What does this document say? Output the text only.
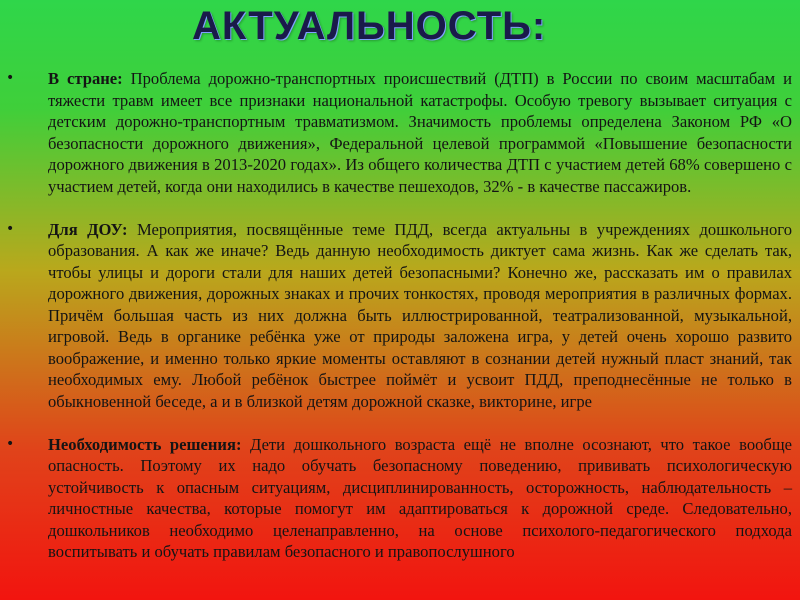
АКТУАЛЬНОСТЬ:
• В стране: Проблема дорожно-транспортных происшествий (ДТП) в России по своим масштабам и тяжести травм имеет все признаки национальной катастрофы. Особую тревогу вызывает ситуация с детским дорожно-транспортным травматизмом. Значимость проблемы определена Законом РФ «О безопасности дорожного движения», Федеральной целевой программой «Повышение безопасности дорожного движения в 2013-2020 годах». Из общего количества ДТП с участием детей 68% совершено с участием детей, когда они находились в качестве пешеходов, 32% - в качестве пассажиров.
• Для ДОУ: Мероприятия, посвящённые теме ПДД, всегда актуальны в учреждениях дошкольного образования. А как же иначе? Ведь данную необходимость диктует сама жизнь. Как же сделать так, чтобы улицы и дороги стали для наших детей безопасными? Конечно же, рассказать им о правилах дорожного движения, дорожных знаках и прочих тонкостях, проводя мероприятия в различных формах. Причём большая часть из них должна быть иллюстрированной, театрализованной, музыкальной, игровой. Ведь в органике ребёнка уже от природы заложена игра, у детей очень хорошо развито воображение, и именно только яркие моменты оставляют в сознании детей нужный пласт знаний, так необходимых ему. Любой ребёнок быстрее поймёт и усвоит ПДД, преподнесённые не только в обыкновенной беседе, а и в близкой детям дорожной сказке, викторине, игре
• Необходимость решения: Дети дошкольного возраста ещё не вполне осознают, что такое вообще опасность. Поэтому их надо обучать безопасному поведению, прививать психологическую устойчивость к опасным ситуациям, дисциплинированность, осторожность, наблюдательность – личностные качества, которые помогут им адаптироваться к дорожной среде. Следовательно, дошкольников необходимо целенаправленно, на основе психолого-педагогического подхода воспитывать и обучать правилам безопасного и правопослушного
